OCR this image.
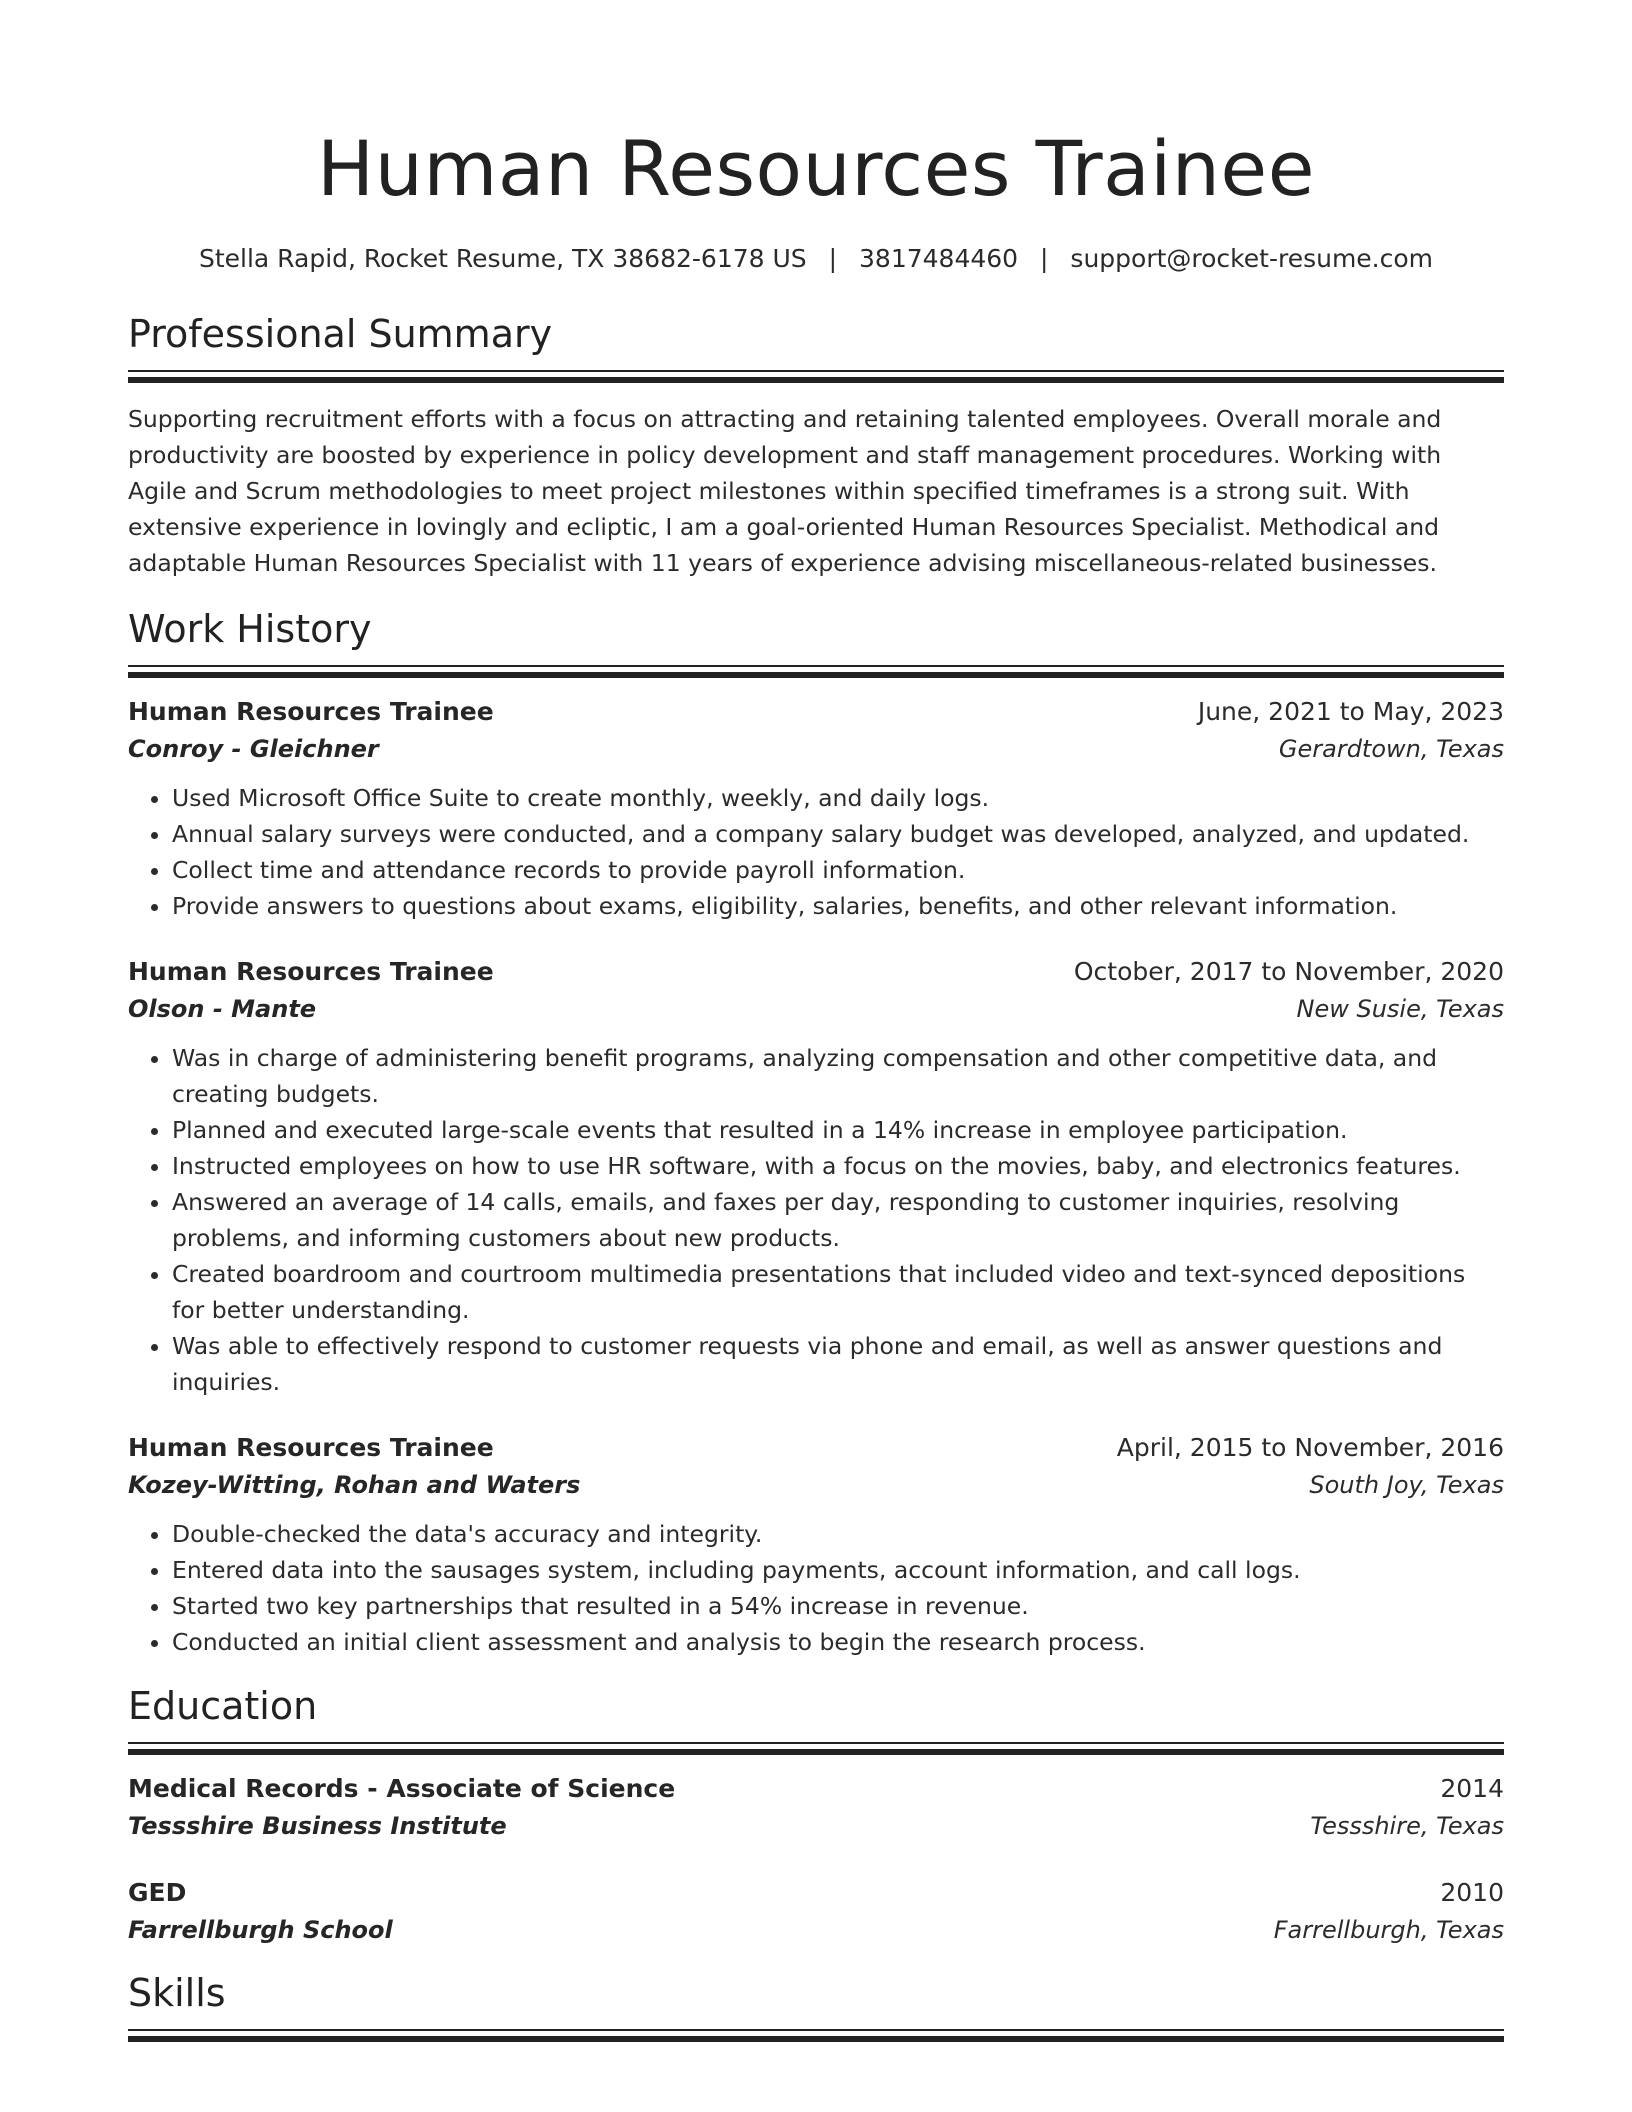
Human Resources Trainee
Stella Rapid, Rocket Resume, TX 38682-6178 US | 3817484460 | support@rocket-resume.com
Professional Summary
Supporting recruitment efforts with a focus on attracting and retaining talented employees. Overall morale and productivity are boosted by experience in policy development and staff management procedures. Working with Agile and Scrum methodologies to meet project milestones within specified timeframes is a strong suit. With extensive experience in lovingly and ecliptic, I am a goal-oriented Human Resources Specialist. Methodical and adaptable Human Resources Specialist with 11 years of experience advising miscellaneous-related businesses.
Work History
Human Resources Trainee	June, 2021 to May, 2023
Conroy - Gleichner	Gerardtown, Texas
• Used Microsoft Office Suite to create monthly, weekly, and daily logs.
• Annual salary surveys were conducted, and a company salary budget was developed, analyzed, and updated.
• Collect time and attendance records to provide payroll information.
• Provide answers to questions about exams, eligibility, salaries, benefits, and other relevant information.
Human Resources Trainee	October, 2017 to November, 2020
Olson - Mante	New Susie, Texas
• Was in charge of administering benefit programs, analyzing compensation and other competitive data, and creating budgets.
• Planned and executed large-scale events that resulted in a 14% increase in employee participation.
• Instructed employees on how to use HR software, with a focus on the movies, baby, and electronics features.
• Answered an average of 14 calls, emails, and faxes per day, responding to customer inquiries, resolving problems, and informing customers about new products.
• Created boardroom and courtroom multimedia presentations that included video and text-synced depositions for better understanding.
• Was able to effectively respond to customer requests via phone and email, as well as answer questions and inquiries.
Human Resources Trainee	April, 2015 to November, 2016
Kozey-Witting, Rohan and Waters	South Joy, Texas
• Double-checked the data's accuracy and integrity.
• Entered data into the sausages system, including payments, account information, and call logs.
• Started two key partnerships that resulted in a 54% increase in revenue.
• Conducted an initial client assessment and analysis to begin the research process.
Education
Medical Records - Associate of Science	2014
Tessshire Business Institute	Tessshire, Texas
GED	2010
Farrellburgh School	Farrellburgh, Texas
Skills
